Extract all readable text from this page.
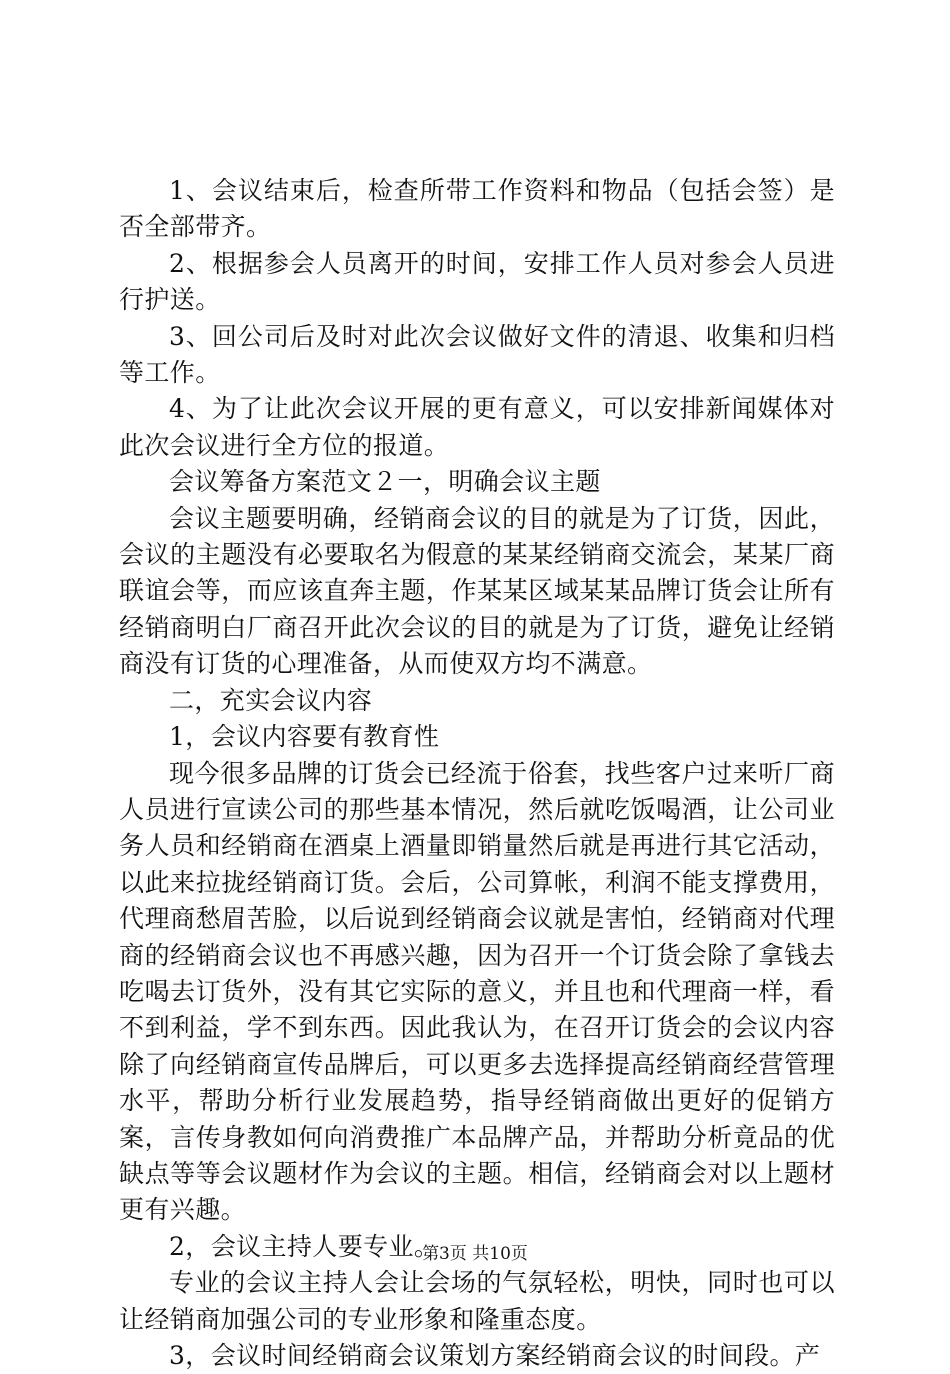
1、会议结束后，检查所带工作资料和物品（包括会签）是否全部带齐。

2、根据参会人员离开的时间，安排工作人员对参会人员进行护送。

3、回公司后及时对此次会议做好文件的清退、收集和归档等工作。

4、为了让此次会议开展的更有意义，可以安排新闻媒体对此次会议进行全方位的报道。

会议筹备方案范文２一，明确会议主题

会议主题要明确，经销商会议的目的就是为了订货，因此，会议的主题没有必要取名为假意的某某经销商交流会，某某厂商联谊会等，而应该直奔主题，作某某区域某某品牌订货会让所有经销商明白厂商召开此次会议的目的就是为了订货，避免让经销商没有订货的心理准备，从而使双方均不满意。

二，充实会议内容

1，会议内容要有教育性

现今很多品牌的订货会已经流于俗套，找些客户过来听厂商人员进行宣读公司的那些基本情况，然后就吃饭喝酒，让公司业务人员和经销商在酒桌上酒量即销量然后就是再进行其它活动，以此来拉拢经销商订货。会后，公司算帐，利润不能支撑费用，代理商愁眉苦脸，以后说到经销商会议就是害怕，经销商对代理商的经销商会议也不再感兴趣，因为召开一个订货会除了拿钱去吃喝去订货外，没有其它实际的意义，并且也和代理商一样，看不到利益，学不到东西。因此我认为，在召开订货会的会议内容除了向经销商宣传品牌后，可以更多去选择提高经销商经营管理水平，帮助分析行业发展趋势，指导经销商做出更好的促销方案，言传身教如何向消费推广本品牌产品，并帮助分析竟品的优缺点等等会议题材作为会议的主题。相信，经销商会对以上题材更有兴趣。

2，会议主持人要专业。

专业的会议主持人会让会场的气氛轻松，明快，同时也可以让经销商加强公司的专业形象和隆重态度。

3，会议时间经销商会议策划方案经销商会议的时间段。产

第3页 共10页
